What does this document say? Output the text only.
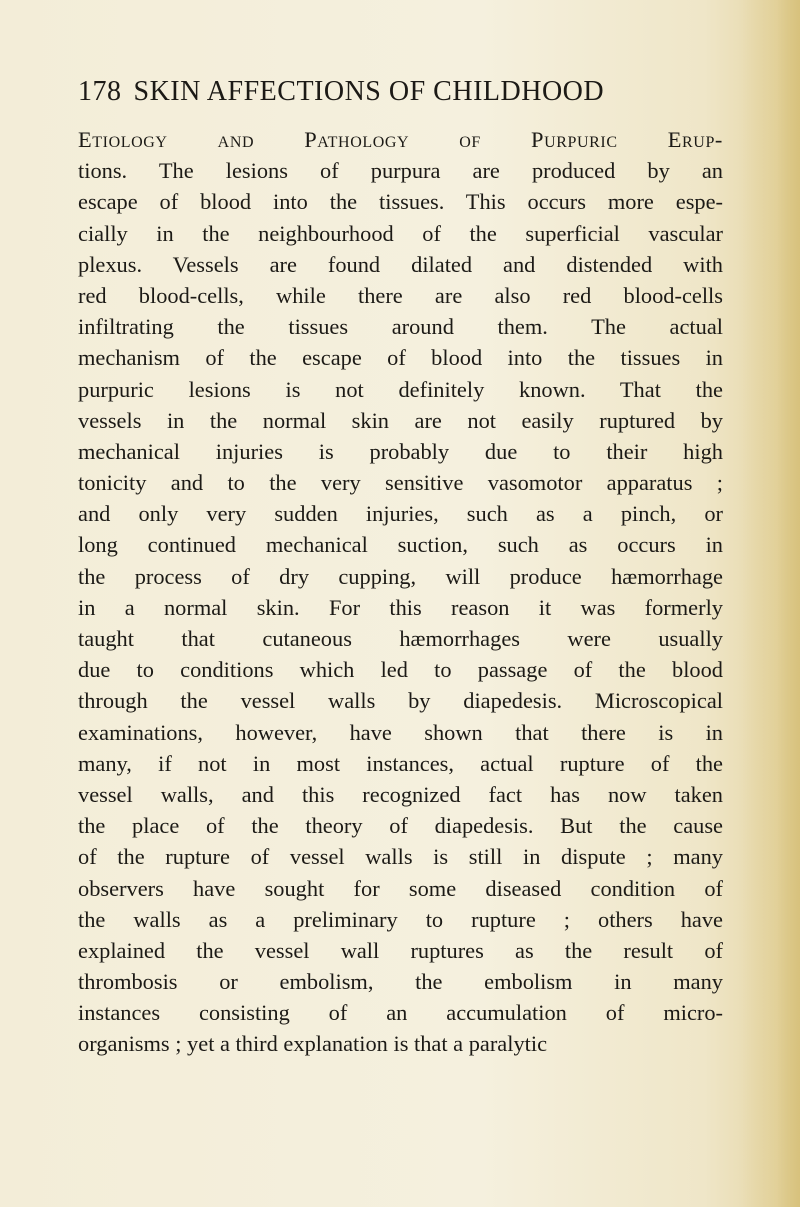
178 SKIN AFFECTIONS OF CHILDHOOD
Etiology and Pathology of Purpuric Erup-
tions. The lesions of purpura are produced by an
escape of blood into the tissues. This occurs more espe-
cially in the neighbourhood of the superficial vascular
plexus. Vessels are found dilated and distended with
red blood-cells, while there are also red blood-cells
infiltrating the tissues around them. The actual
mechanism of the escape of blood into the tissues in
purpuric lesions is not definitely known. That the
vessels in the normal skin are not easily ruptured by
mechanical injuries is probably due to their high
tonicity and to the very sensitive vasomotor apparatus ;
and only very sudden injuries, such as a pinch, or
long continued mechanical suction, such as occurs in
the process of dry cupping, will produce hæmorrhage
in a normal skin. For this reason it was formerly
taught that cutaneous hæmorrhages were usually
due to conditions which led to passage of the blood
through the vessel walls by diapedesis. Microscopical
examinations, however, have shown that there is in
many, if not in most instances, actual rupture of the
vessel walls, and this recognized fact has now taken
the place of the theory of diapedesis. But the cause
of the rupture of vessel walls is still in dispute ; many
observers have sought for some diseased condition of
the walls as a preliminary to rupture ; others have
explained the vessel wall ruptures as the result of
thrombosis or embolism, the embolism in many
instances consisting of an accumulation of micro-
organisms ; yet a third explanation is that a paralytic
